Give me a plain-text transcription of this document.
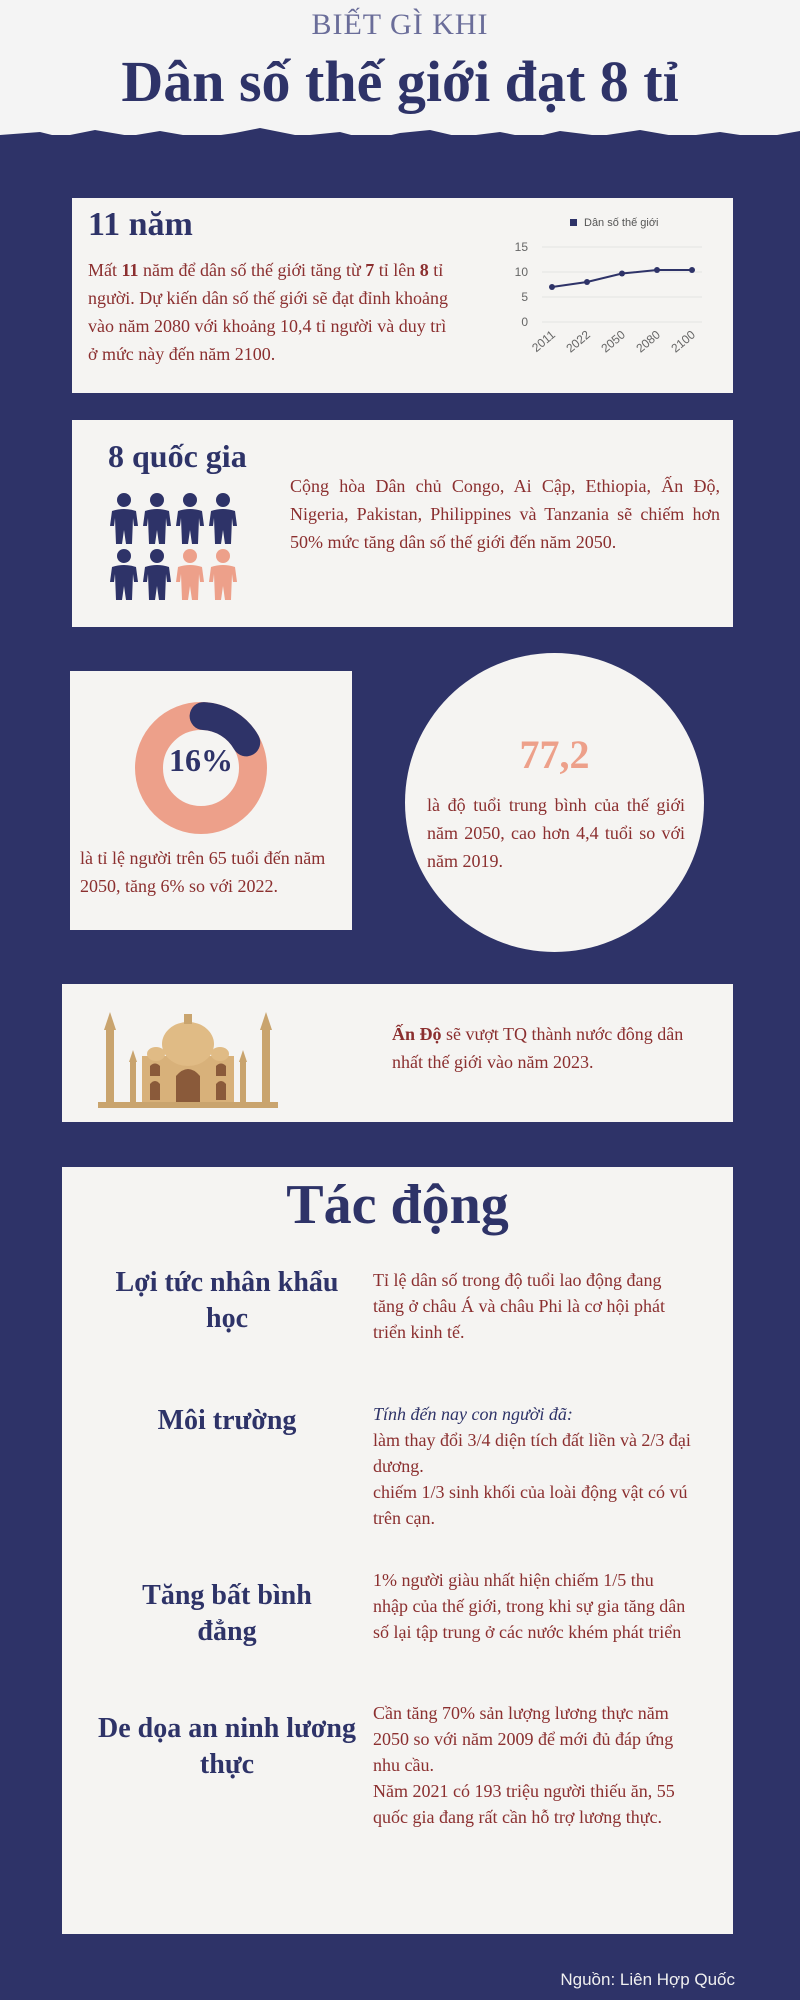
BIẾT GÌ KHI
Dân số thế giới đạt 8 tỉ
11 năm
Mất 11 năm để dân số thế giới tăng từ 7 tỉ lên 8 tỉ người. Dự kiến dân số thế giới sẽ đạt đỉnh khoảng vào năm 2080 với khoảng 10,4 tỉ người và duy trì ở mức này đến năm 2100.
Dân số thế giới
15
10
5
0
2011 2022 2050 2080 2100
8 quốc gia
Cộng hòa Dân chủ Congo, Ai Cập, Ethiopia, Ấn Độ, Nigeria, Pakistan, Philippines và Tanzania sẽ chiếm hơn 50% mức tăng dân số thế giới đến năm 2050.
16%
là tỉ lệ người trên 65 tuổi đến năm 2050, tăng 6% so với 2022.
77,2
là độ tuổi trung bình của thế giới năm 2050, cao hơn 4,4 tuổi so với năm 2019.
Ấn Độ sẽ vượt TQ thành nước đông dân nhất thế giới vào năm 2023.
Tác động
Lợi tức nhân khẩu học
Tỉ lệ dân số trong độ tuổi lao động đang tăng ở châu Á và châu Phi là cơ hội phát triển kinh tế.
Môi trường	Tính đến nay con người đã:
làm thay đổi 3/4 diện tích đất liền và 2/3 đại dương.
chiếm 1/3 sinh khối của loài động vật có vú trên cạn.
Tăng bất bình đẳng
1% người giàu nhất hiện chiếm 1/5 thu nhập của thế giới, trong khi sự gia tăng dân số lại tập trung ở các nước khém phát triển
De dọa an ninh lương thực
Cần tăng 70% sản lượng lương thực năm 2050 so với năm 2009 để mới đủ đáp ứng nhu cầu.
Năm 2021 có 193 triệu người thiếu ăn, 55 quốc gia đang rất cần hỗ trợ lương thực.
Nguồn: Liên Hợp Quốc
